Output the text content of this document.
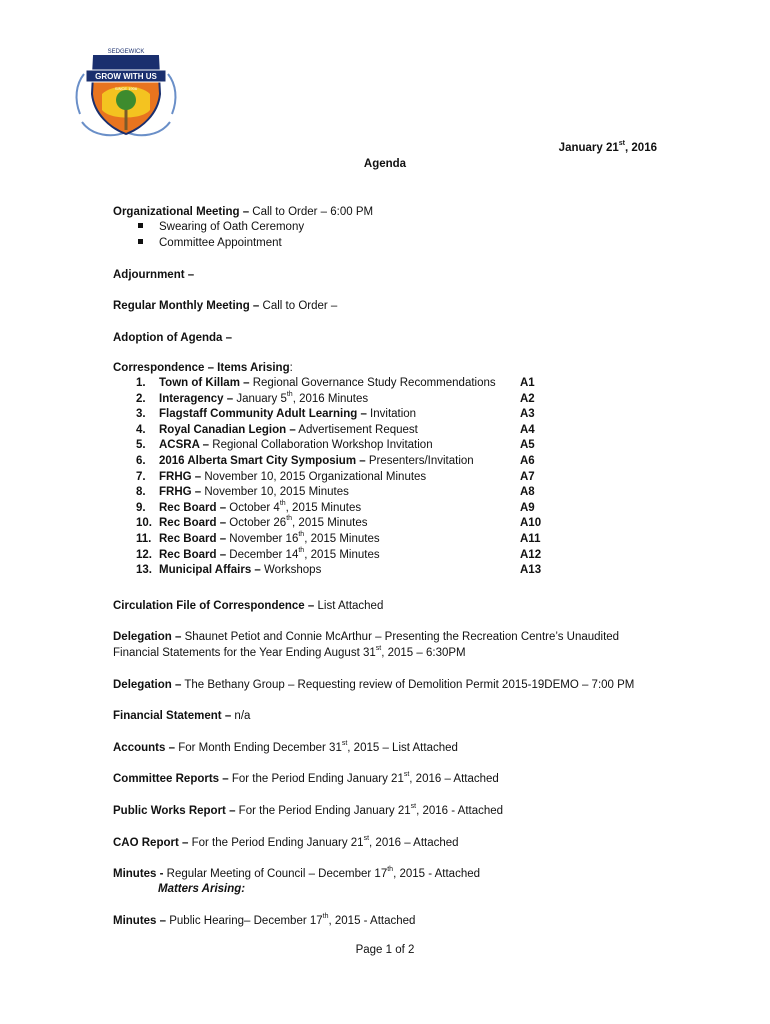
SEDGEWICK
GROW WITH US
SINCE 1906
January 21st, 2016
Agenda
Organizational Meeting – Call to Order – 6:00 PM
Swearing of Oath Ceremony
Committee Appointment
Adjournment –
Regular Monthly Meeting – Call to Order –
Adoption of Agenda –
Correspondence – Items Arising:
1.	Town of Killam – Regional Governance Study Recommendations A1
2.	Interagency – January 5th, 2016 Minutes	A2
3.	Flagstaff Community Adult Learning – Invitation	A3
4.	Royal Canadian Legion – Advertisement Request	A4
5.	ACSRA – Regional Collaboration Workshop Invitation	A5
6.	2016 Alberta Smart City Symposium – Presenters/Invitation	A6
7.	FRHG – November 10, 2015 Organizational Minutes	A7
8.	FRHG – November 10, 2015 Minutes	A8
9.	Rec Board – October 4th, 2015 Minutes	A9
10. Rec Board – October 26th, 2015 Minutes	A10
11. Rec Board – November 16th, 2015 Minutes	A11
12. Rec Board – December 14th, 2015 Minutes	A12
13. Municipal Affairs – Workshops	A13
Circulation File of Correspondence – List Attached
Delegation – Shaunet Petiot and Connie McArthur – Presenting the Recreation Centre’s Unaudited
Financial Statements for the Year Ending August 31st, 2015 – 6:30PM
Delegation – The Bethany Group – Requesting review of Demolition Permit 2015-19DEMO – 7:00 PM
Financial Statement – n/a
Accounts – For Month Ending December 31st, 2015 – List Attached
Committee Reports – For the Period Ending January 21st, 2016 – Attached
Public Works Report – For the Period Ending January 21st, 2016 - Attached
CAO Report – For the Period Ending January 21st, 2016 – Attached
Minutes - Regular Meeting of Council – December 17th, 2015 - Attached
Matters Arising:
Minutes – Public Hearing– December 17th, 2015 - Attached
Page 1 of 2
